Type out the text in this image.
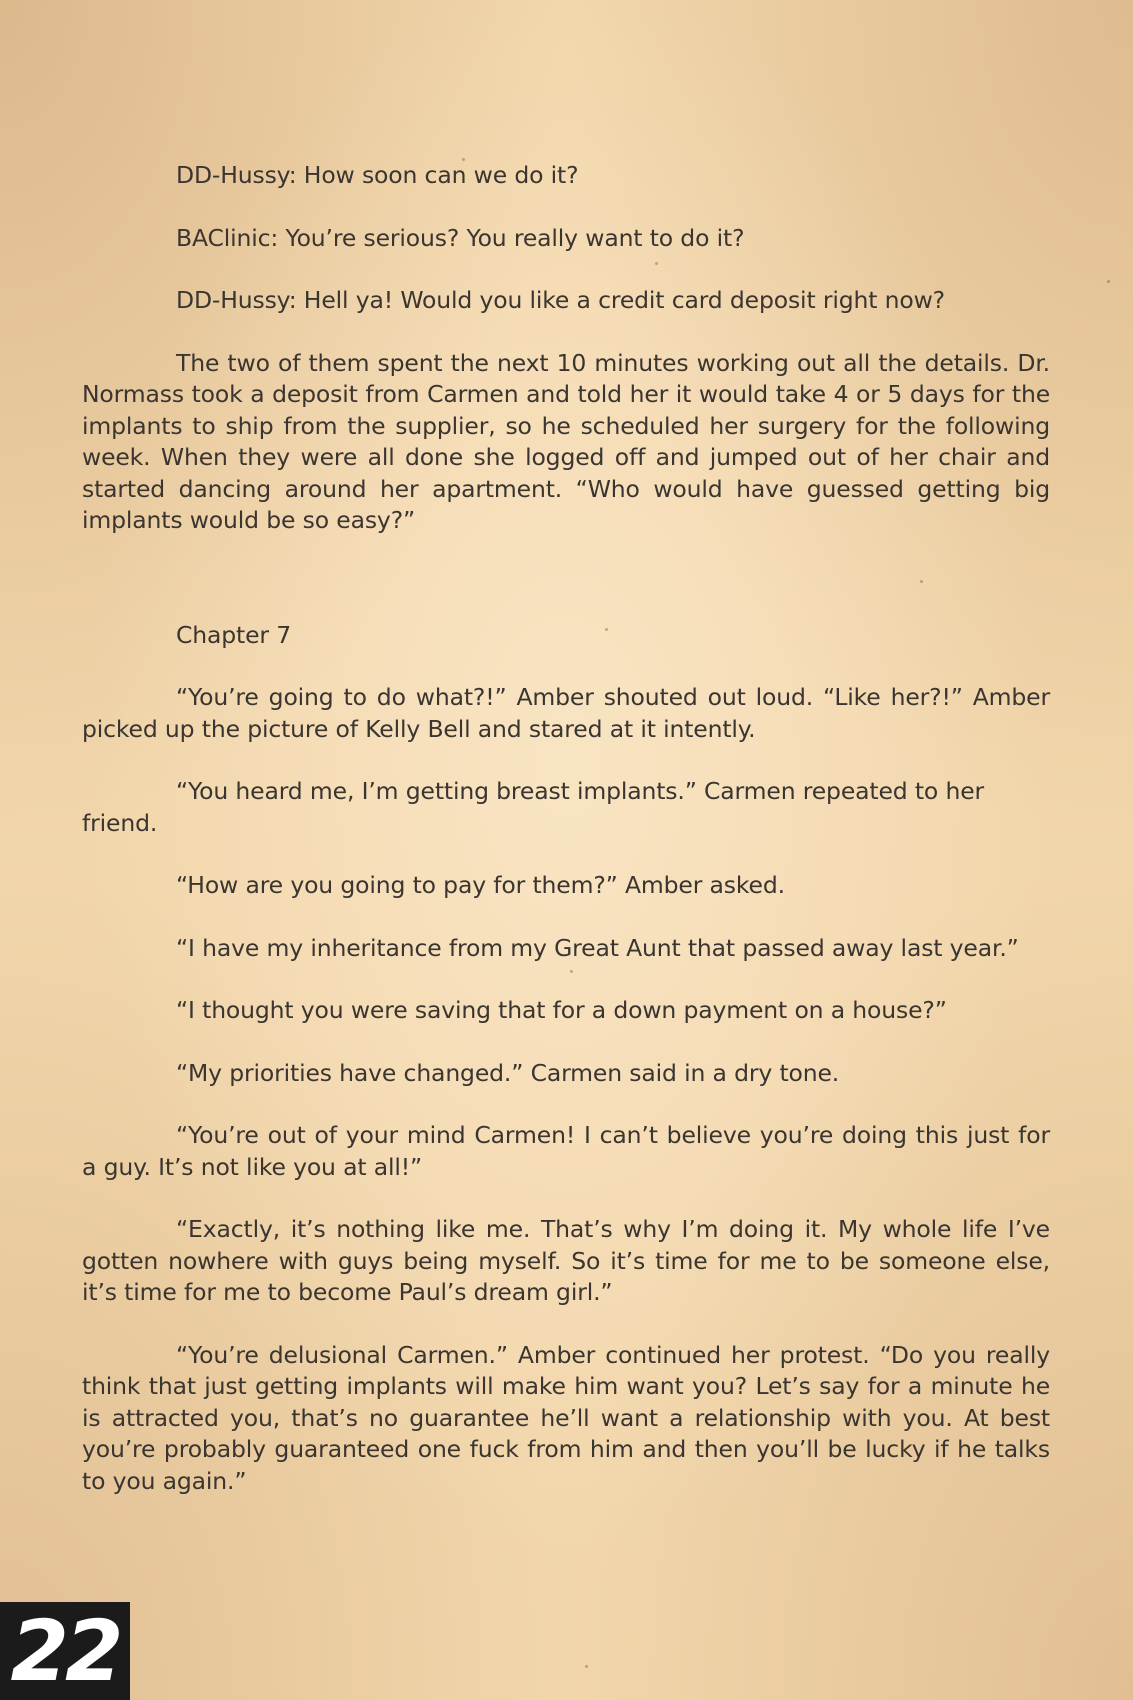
DD-Hussy: How soon can we do it?

BAClinic: You’re serious? You really want to do it?

DD-Hussy: Hell ya! Would you like a credit card deposit right now?

The two of them spent the next 10 minutes working out all the details. Dr. Normass took a deposit from Carmen and told her it would take 4 or 5 days for the implants to ship from the supplier, so he scheduled her surgery for the following week. When they were all done she logged off and jumped out of her chair and started dancing around her apartment. “Who would have guessed getting big implants would be so easy?”

Chapter 7

“You’re going to do what?!” Amber shouted out loud. “Like her?!” Amber picked up the picture of Kelly Bell and stared at it intently.

“You heard me, I’m getting breast implants.” Carmen repeated to her friend.

“How are you going to pay for them?” Amber asked.

“I have my inheritance from my Great Aunt that passed away last year.”

“I thought you were saving that for a down payment on a house?”

“My priorities have changed.” Carmen said in a dry tone.

“You’re out of your mind Carmen! I can’t believe you’re doing this just for a guy. It’s not like you at all!”

“Exactly, it’s nothing like me. That’s why I’m doing it. My whole life I’ve gotten nowhere with guys being myself. So it’s time for me to be someone else, it’s time for me to become Paul’s dream girl.”

“You’re delusional Carmen.” Amber continued her protest. “Do you really think that just getting implants will make him want you? Let’s say for a minute he is attracted you, that’s no guarantee he’ll want a relationship with you. At best you’re probably guaranteed one fuck from him and then you’ll be lucky if he talks to you again.”

22
